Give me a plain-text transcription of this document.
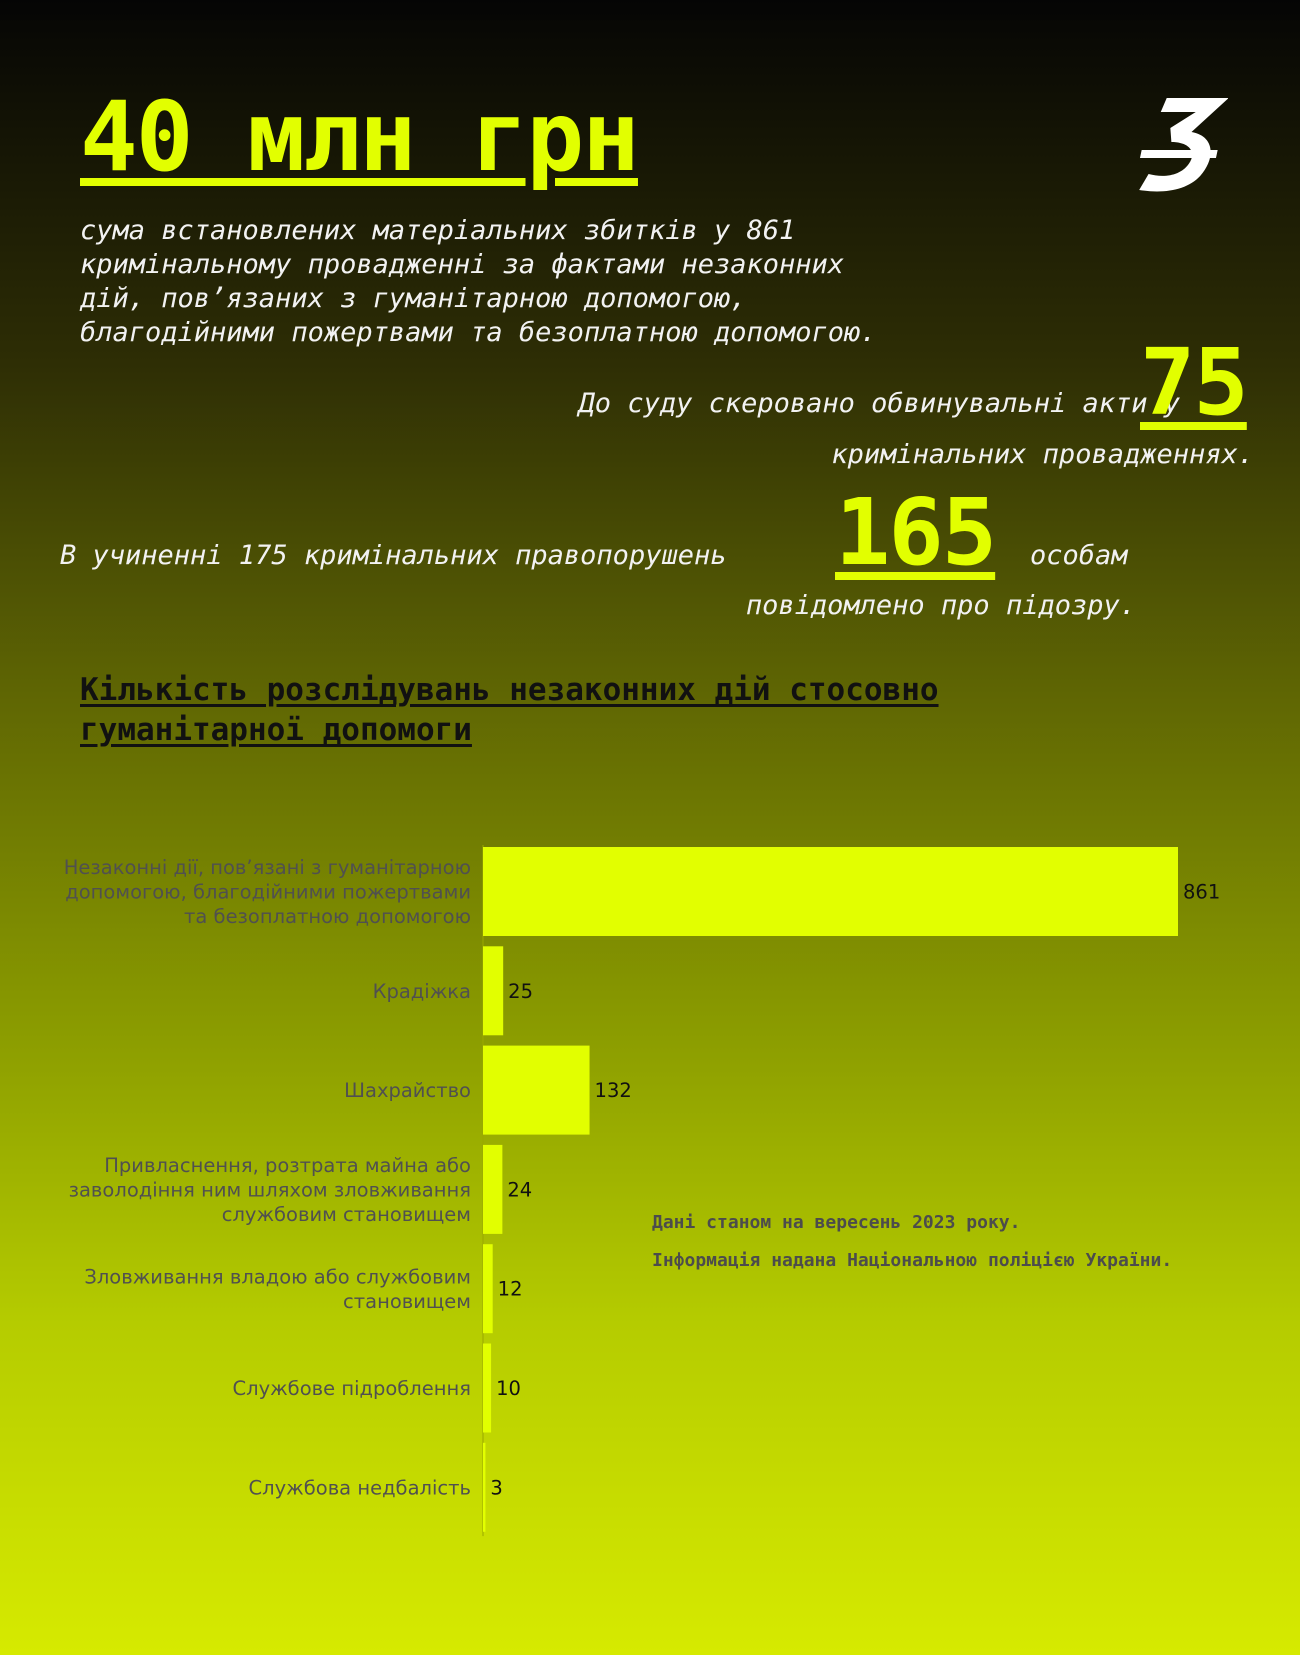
40 млн грн
сума встановлених матеріальних збитків у 861
кримінальному провадженні за фактами незаконних
дій, пов’язаних з гуманітарною допомогою,
благодійними пожертвами та безоплатною допомогою.
До суду скеровано обвинувальні акти у
75
кримінальних провадженнях.
В учиненні 175 кримінальних правопорушень 165 особам
повідомлено про підозру.
Кількість розслідувань незаконних дій стосовно гуманітарної допомоги
861
Незаконні дії, пов’язані з гуманітарною допомогою, благодійними пожертвами та безоплатною допомогою
25
Крадіжка
132
Шахрайство
24
Привласнення, розтрата майна або заволодіння ним шляхом зловживання службовим становищем
12
Зловживання владою або службовим становищем
10
Службове підроблення
3
Службова недбалість
Дані станом на вересень 2023 року.
Інформація надана Національною поліцією України.
